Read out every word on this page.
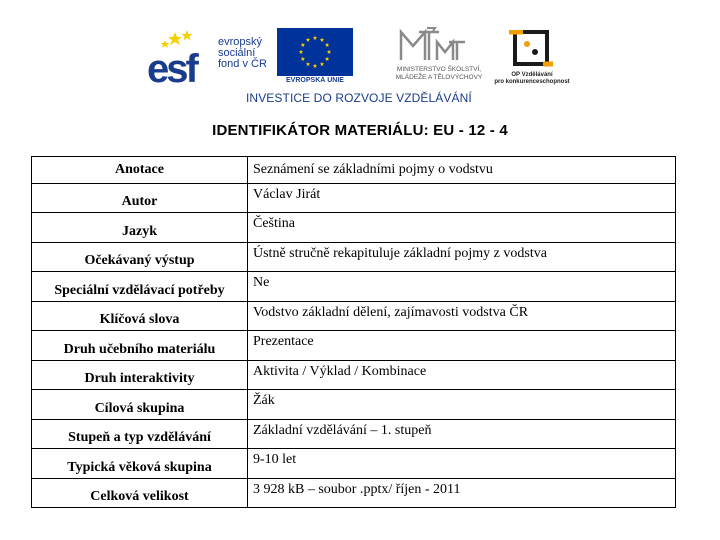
esf
evropský
sociální
fond v ČR
EVROPSKÁ UNIE
MINISTERSTVO ŠKOLSTVÍ,
MLÁDEŽE A TĚLOVÝCHOVY	OP Vzdělávání
pro konkurenceschopnost
INVESTICE DO ROZVOJE VZDĚLÁVÁNÍ
IDENTIFIKÁTOR MATERIÁLU: EU - 12 - 4
Anotace	Seznámení se základními pojmy o vodstvu
Autor	Václav Jirát
Jazyk	Čeština
Očekávaný výstup	Ústně stručně rekapituluje základní pojmy z vodstva
Speciální vzdělávací potřeby	Ne
Klíčová slova	Vodstvo základní dělení, zajímavosti vodstva ČR
Druh učebního materiálu	Prezentace
Druh interaktivity	Aktivita / Výklad / Kombinace
Cílová skupina	Žák
Stupeň a typ vzdělávání	Základní vzdělávání – 1. stupeň
Typická věková skupina	9-10 let
Celková velikost	3 928 kB – soubor .pptx/ říjen - 2011
